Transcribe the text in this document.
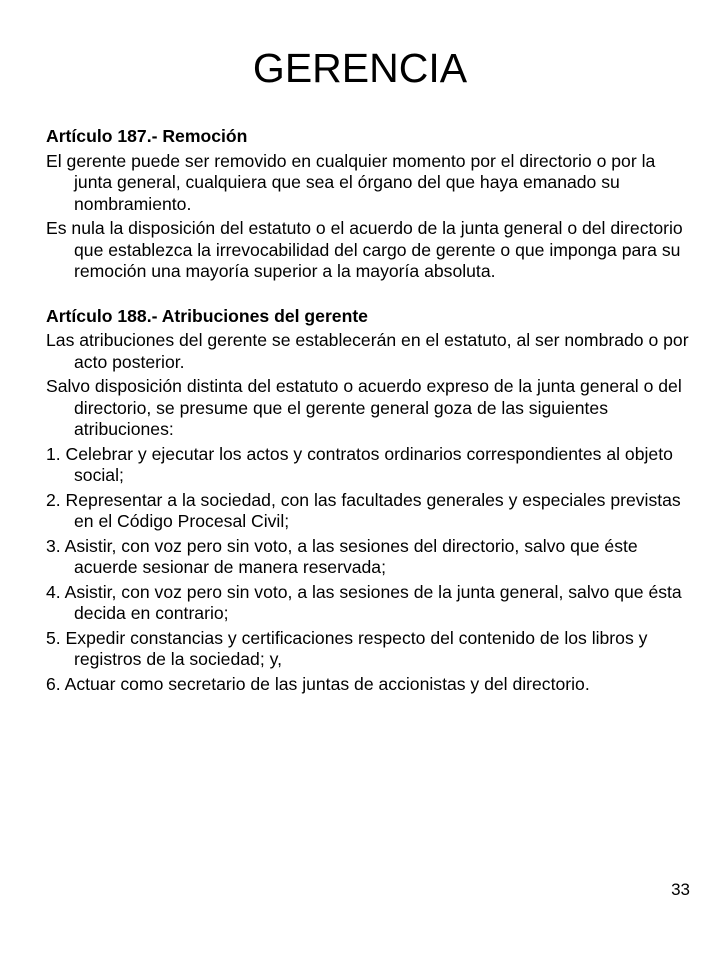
GERENCIA

Artículo 187.- Remoción

El gerente puede ser removido en cualquier momento por el directorio o por la junta general, cualquiera que sea el órgano del que haya emanado su nombramiento.

Es nula la disposición del estatuto o el acuerdo de la junta general o del directorio que establezca la irrevocabilidad del cargo de gerente o que imponga para su remoción una mayoría superior a la mayoría absoluta.

Artículo 188.- Atribuciones del gerente

Las atribuciones del gerente se establecerán en el estatuto, al ser nombrado o por acto posterior.

Salvo disposición distinta del estatuto o acuerdo expreso de la junta general o del directorio, se presume que el gerente general goza de las siguientes atribuciones:

1. Celebrar y ejecutar los actos y contratos ordinarios correspondientes al objeto social;

2. Representar a la sociedad, con las facultades generales y especiales previstas en el Código Procesal Civil;

3. Asistir, con voz pero sin voto, a las sesiones del directorio, salvo que éste acuerde sesionar de manera reservada;

4. Asistir, con voz pero sin voto, a las sesiones de la junta general, salvo que ésta decida en contrario;

5. Expedir constancias y certificaciones respecto del contenido de los libros y registros de la sociedad; y,

6. Actuar como secretario de las juntas de accionistas y del directorio.

33
